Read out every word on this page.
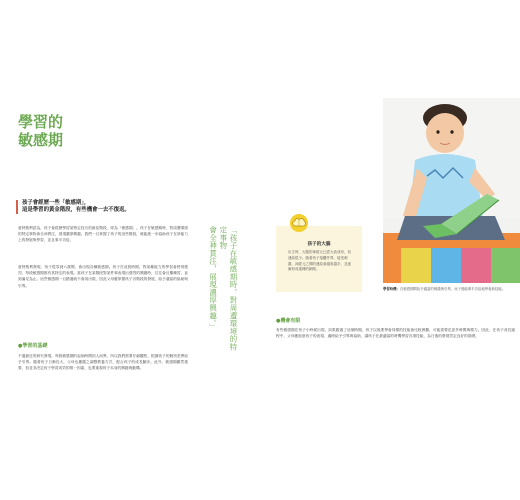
學習的
敏感期
孩子會經歷一些「敏感期」，
這是學習的黃金階段，有些機會一去不復返。
意特梭利認為，孩子會經歷學習某特定技巧的最佳階段，即為「敏感期」。孩子在敏感期時，對周遭環境的特定事物會全神貫注，展現濃厚興趣。我們一旦掌握了孩子的這些階段，就能進一步協助孩子在該能力上的發展與學習，並且事半功倍。
意特梭利發現，孩子從零到六歲間，會出現各種敏感期。孩子在這段時期，對某種能力的學習會特別強烈，每段敏感期都有其特定的表現。當孩子在某階段對某件事表現出強烈的興趣時，往往會反覆練習，直到滿足為止。這些敏感期一旦錯過就不會再出現，因此父母應掌握孩子各階段的發展，給予適當的協助與引導。
●學習的基礎
不過最近的研究發現，每段敏感期的起始時間因人而異，所以我們需要仔細觀察，根據孩子的個別差異給予引導。隨著孩子日漸長大，父母也應隨之調整教養方式，配合孩子的成長腳步。此外，敏感期雖然重要，但並非決定孩子學習成效的唯一因素，也要重視孩子本身的興趣與動機。
「孩子在敏感期時，對周遭環境的特定事物
會全神貫注，展現濃厚興趣。」
孩子的大腦
出生時，大腦的神經元已經大致成形，但連結很少。隨著孩子接觸外界、接受刺激，神經元之間的連結會越來越多，並逐漸形成複雜的網路。
學習時機：在敏感期間給予適當的刺激與引導，孩子便能事半功倍地學會新技能。
●機會有限
有些敏感期在孩子小時候出現，如果錯過了這個時期，孩子以後要學會同樣的技能會比較困難，可能需要花更多時間與精力。因此，在孩子成長過程中，父母應留意孩子的表現，適時給予引導與協助，讓孩子在最適當的時機學習各項技能，為日後的發展奠定良好的基礎。
